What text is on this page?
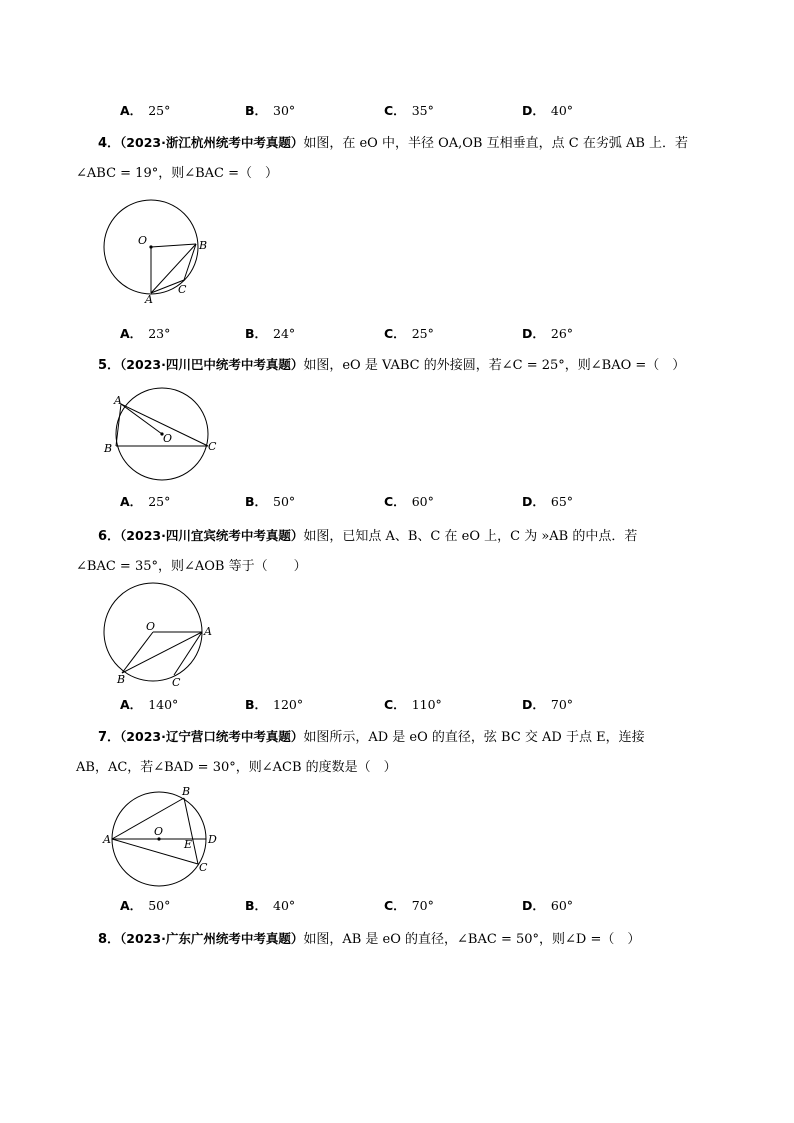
A． 25°	B． 30°	C． 35°	D． 40°
4．（2023·浙江杭州统考中考真题）如图，在 eO 中，半径 OA,OB 互相垂直，点 C 在劣弧 AB 上．若
∠ABC = 19°，则∠BAC =（　）
O	B
C
A
A． 23°	B． 24°	C． 25°	D． 26°
5．（2023·四川巴中统考中考真题）如图，eO 是 VABC 的外接圆，若∠C = 25°，则∠BAO =（　）
A
O
B	C
A． 25°	B． 50°	C． 60°	D． 65°
6．（2023·四川宜宾统考中考真题）如图，已知点 A、B、C 在 eO 上，C 为 »AB 的中点．若
∠BAC = 35°，则∠AOB 等于（　　）
O	A
B	C
A． 140°	B． 120°	C． 110°	D． 70°
7．（2023·辽宁营口统考中考真题）如图所示，AD 是 eO 的直径，弦 BC 交 AD 于点 E，连接
AB，AC，若∠BAD = 30°，则∠ACB 的度数是（　）
B
A
O
D
E
C
A． 50°	B． 40°	C． 70°	D． 60°
8．（2023·广东广州统考中考真题）如图，AB 是 eO 的直径，∠BAC = 50°，则∠D =（　）
